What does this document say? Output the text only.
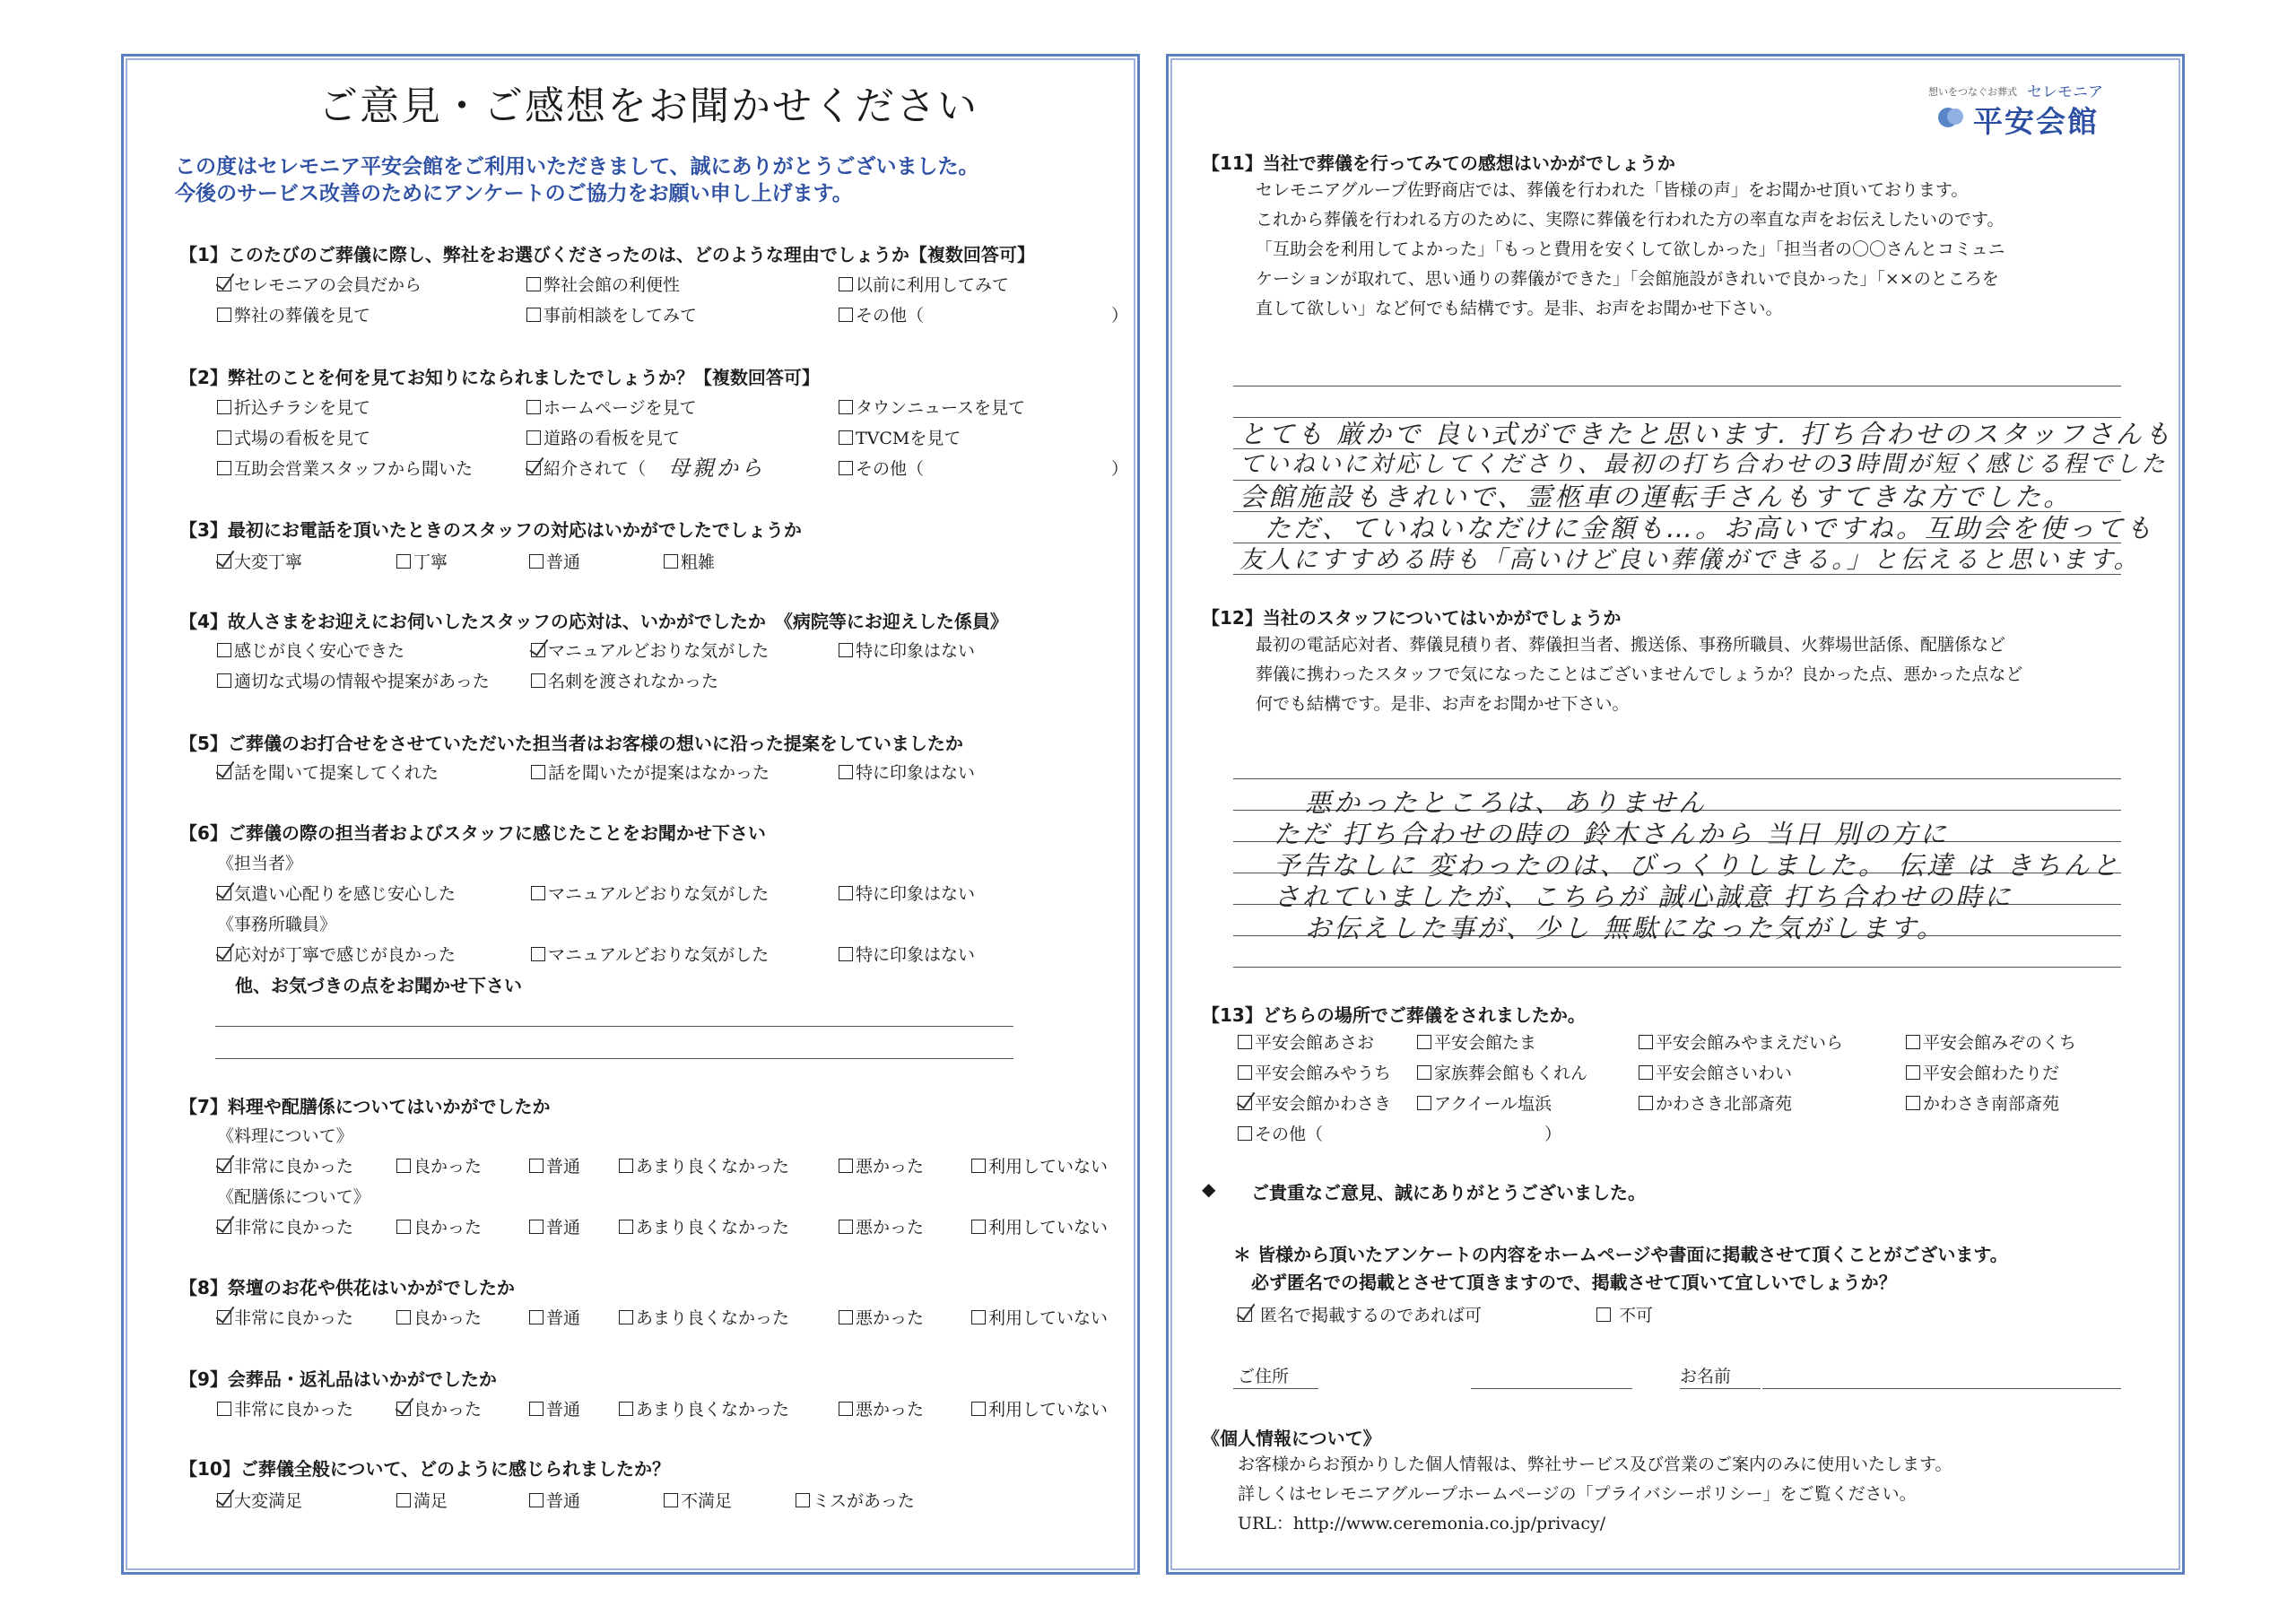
ご意見・ご感想をお聞かせください
この度はセレモニア平安会館をご利用いただきまして、誠にありがとうございました。
今後のサービス改善のためにアンケートのご協力をお願い申し上げます。
【1】このたびのご葬儀に際し、弊社をお選びくださったのは、どのような理由でしょうか【複数回答可】
セレモニアの会員だから	弊社会館の利便性	以前に利用してみて
弊社の葬儀を見て	事前相談をしてみて	その他（　　　　　　　　　　　）
【2】弊社のことを何を見てお知りになられましたでしょうか？【複数回答可】
折込チラシを見て	ホームページを見て	タウンニュースを見て
式場の看板を見て	道路の看板を見て	TVCMを見て
互助会営業スタッフから聞いた	紹介されて（ 母親から	その他（　　　　　　　　　　　）
【3】最初にお電話を頂いたときのスタッフの対応はいかがでしたでしょうか
大変丁寧	丁寧	普通	粗雑
【4】故人さまをお迎えにお伺いしたスタッフの応対は、いかがでしたか　《病院等にお迎えした係員》
感じが良く安心できた	マニュアルどおりな気がした	特に印象はない
適切な式場の情報や提案があった	名刺を渡されなかった
【5】ご葬儀のお打合せをさせていただいた担当者はお客様の想いに沿った提案をしていましたか
話を聞いて提案してくれた	話を聞いたが提案はなかった	特に印象はない
【6】ご葬儀の際の担当者およびスタッフに感じたことをお聞かせ下さい
《担当者》
気遣い心配りを感じ安心した	マニュアルどおりな気がした	特に印象はない
《事務所職員》
応対が丁寧で感じが良かった	マニュアルどおりな気がした	特に印象はない
他、お気づきの点をお聞かせ下さい
【7】料理や配膳係についてはいかがでしたか
《料理について》
非常に良かった	良かった	普通	あまり良くなかった	悪かった	利用していない
《配膳係について》
非常に良かった	良かった	普通	あまり良くなかった	悪かった	利用していない
【8】祭壇のお花や供花はいかがでしたか
非常に良かった	良かった	普通	あまり良くなかった	悪かった	利用していない
【9】会葬品・返礼品はいかがでしたか
非常に良かった	良かった	普通	あまり良くなかった	悪かった	利用していない
【10】ご葬儀全般について、どのように感じられましたか？
大変満足	満足	普通	不満足	ミスがあった
想いをつなぐお葬式 セレモニア
平安会館
【11】当社で葬儀を行ってみての感想はいかがでしょうか
セレモニアグループ佐野商店では、葬儀を行われた「皆様の声」をお聞かせ頂いております。
これから葬儀を行われる方のために、実際に葬儀を行われた方の率直な声をお伝えしたいのです。
「互助会を利用してよかった」「もっと費用を安くして欲しかった」「担当者の〇〇さんとコミュニ
ケーションが取れて、思い通りの葬儀ができた」「会館施設がきれいで良かった」「××のところを
直して欲しい」など何でも結構です。是非、お声をお聞かせ下さい。
とても 厳かで 良い式ができたと思います. 打ち合わせのスタッフさんも
ていねいに対応してくださり、最初の打ち合わせの3時間が短く感じる程でした
会館施設もきれいで、霊柩車の運転手さんもすてきな方でした。
ただ、ていねいなだけに金額も…。お高いですね。互助会を使っても
友人にすすめる時も「高いけど良い葬儀ができる。」と伝えると思います。
【12】当社のスタッフについてはいかがでしょうか
最初の電話応対者、葬儀見積り者、葬儀担当者、搬送係、事務所職員、火葬場世話係、配膳係など
葬儀に携わったスタッフで気になったことはございませんでしょうか？良かった点、悪かった点など
何でも結構です。是非、お声をお聞かせ下さい。
悪かったところは、ありません
ただ 打ち合わせの時の 鈴木さんから 当日 別の方に
予告なしに 変わったのは、びっくりしました。 伝達 は きちんと
されていましたが、こちらが 誠心誠意 打ち合わせの時に
お伝えした事が、少し 無駄になった気がします。
【13】どちらの場所でご葬儀をされましたか。
平安会館あさお	平安会館たま	平安会館みやまえだいら	平安会館みぞのくち
平安会館みやうち	家族葬会館もくれん	平安会館さいわい	平安会館わたりだ
平安会館かわさき	アクイール塩浜	かわさき北部斎苑	かわさき南部斎苑
その他（　　　　　　　　　　　　　）
◆ ご貴重なご意見、誠にありがとうございました。
＊ 皆様から頂いたアンケートの内容をホームページや書面に掲載させて頂くことがございます。
必ず匿名での掲載とさせて頂きますので、掲載させて頂いて宜しいでしょうか？
匿名で掲載するのであれば可	不可
ご住所	お名前
《個人情報について》
お客様からお預かりした個人情報は、弊社サービス及び営業のご案内のみに使用いたします。
詳しくはセレモニアグループホームページの「プライバシーポリシー」をご覧ください。
URL：http://www.ceremonia.co.jp/privacy/
